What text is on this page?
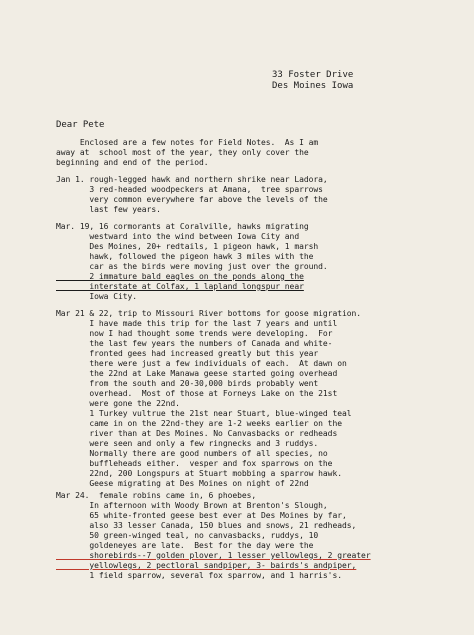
33 Foster Drive
Des Moines Iowa
Dear Pete
Enclosed are a few notes for Field Notes.  As I am
away at  school most of the year, they only cover the
beginning and end of the period.
Jan 1. rough-legged hawk and northern shrike near Ladora,
3 red-headed woodpeckers at Amana,  tree sparrows
very common everywhere far above the levels of the
last few years.
Mar. 19, 16 cormorants at Coralville, hawks migrating
westward into the wind between Iowa City and
Des Moines, 20+ redtails, 1 pigeon hawk, 1 marsh
hawk, followed the pigeon hawk 3 miles with the
car as the birds were moving just over the ground.
2 immature bald eagles on the ponds along the
interstate at Colfax, 1 lapland longspur near
Iowa City.
Mar 21 & 22, trip to Missouri River bottoms for goose migration.
I have made this trip for the last 7 years and until
now I had thought some trends were developing.  For
the last few years the numbers of Canada and white-
fronted gees had increased greatly but this year
there were just a few individuals of each.  At dawn on
the 22nd at Lake Manawa geese started going overhead
from the south and 20-30,000 birds probably went
overhead.  Most of those at Forneys Lake on the 21st
were gone the 22nd.
1 Turkey vultrue the 21st near Stuart, blue-winged teal
came in on the 22nd-they are 1-2 weeks earlier on the
river than at Des Moines. No Canvasbacks or redheads
were seen and only a few ringnecks and 3 ruddys.
Normally there are good numbers of all species, no
buffleheads either.  vesper and fox sparrows on the
22nd, 200 Longspurs at Stuart mobbing a sparrow hawk.
Geese migrating at Des Moines on night of 22nd
Mar 24.  female robins came in, 6 phoebes,
In afternoon with Woody Brown at Brenton's Slough,
65 white-fronted geese best ever at Des Moines by far,
also 33 lesser Canada, 150 blues and snows, 21 redheads,
50 green-winged teal, no canvasbacks, ruddys, 10
goldeneyes are late.  Best for the day were the
shorebirds--7 golden plover, 1 lesser yellowlegs, 2 greater
yellowlegs, 2 pectloral sandpiper, 3- bairds's andpiper,
1 field sparrow, several fox sparrow, and 1 harris's.
